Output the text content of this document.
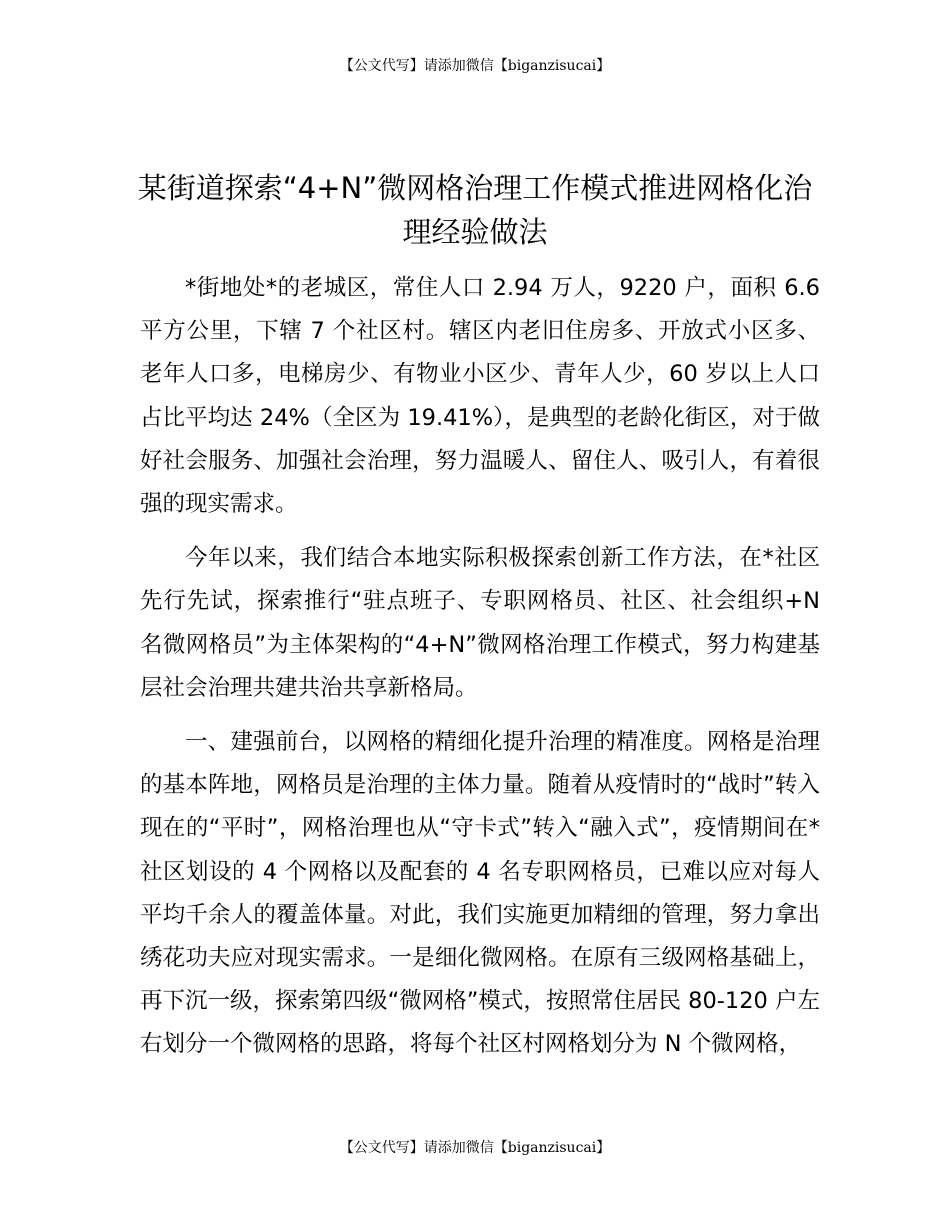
【公文代写】请添加微信【biganzisucai】
某街道探索“4+N”微网格治理工作模式推进网格化治理经验做法

*街地处*的老城区，常住人口 2.94 万人，9220 户，面积 6.6 平方公里，下辖 7 个社区村。辖区内老旧住房多、开放式小区多、老年人口多，电梯房少、有物业小区少、青年人少，60 岁以上人口占比平均达 24%（全区为 19.41%），是典型的老龄化街区，对于做好社会服务、加强社会治理，努力温暖人、留住人、吸引人，有着很强的现实需求。

今年以来，我们结合本地实际积极探索创新工作方法，在*社区先行先试，探索推行“驻点班子、专职网格员、社区、社会组织+N 名微网格员”为主体架构的“4+N”微网格治理工作模式，努力构建基层社会治理共建共治共享新格局。

一、建强前台，以网格的精细化提升治理的精准度。网格是治理的基本阵地，网格员是治理的主体力量。随着从疫情时的“战时”转入现在的“平时”，网格治理也从“守卡式”转入“融入式”，疫情期间在*社区划设的 4 个网格以及配套的 4 名专职网格员，已难以应对每人平均千余人的覆盖体量。对此，我们实施更加精细的管理，努力拿出绣花功夫应对现实需求。一是细化微网格。在原有三级网格基础上，再下沉一级，探索第四级“微网格”模式，按照常住居民 80-120 户左右划分一个微网格的思路，将每个社区村网格划分为 N 个微网格，

【公文代写】请添加微信【biganzisucai】
